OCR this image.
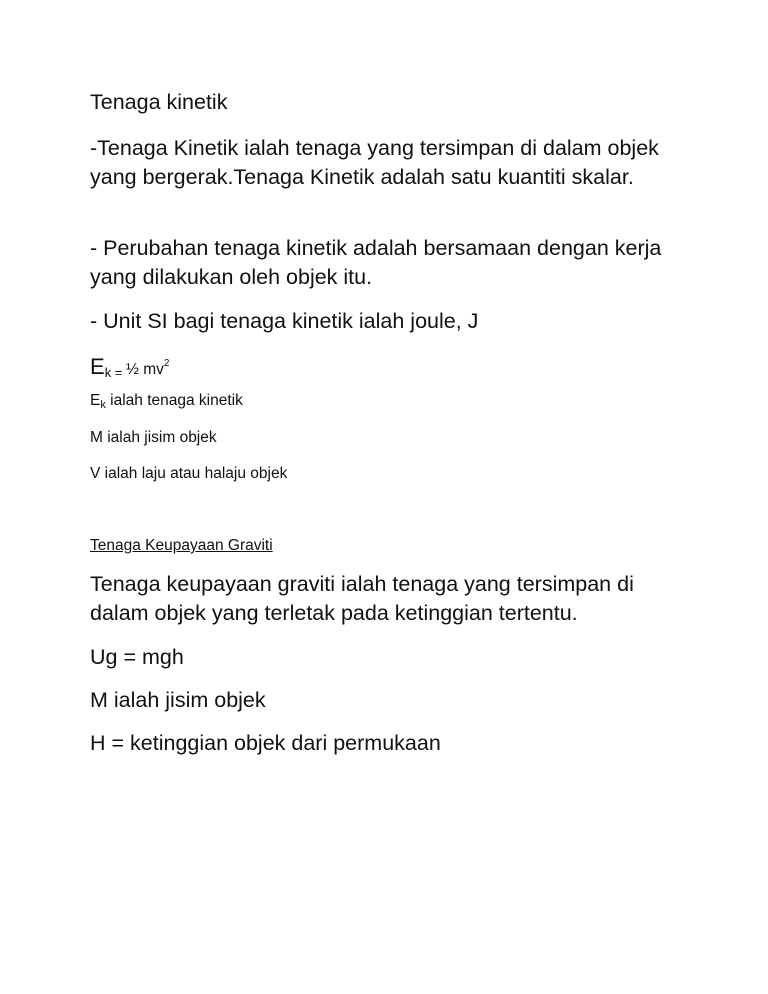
Tenaga kinetik

-Tenaga Kinetik ialah tenaga yang tersimpan di dalam objek yang bergerak.Tenaga Kinetik adalah satu kuantiti skalar.

- Perubahan tenaga kinetik adalah bersamaan dengan kerja yang dilakukan oleh objek itu.

- Unit SI bagi tenaga kinetik ialah joule, J

Ek = ½ $mv^2$

Ek ialah tenaga kinetik

M ialah jisim objek

V ialah laju atau halaju objek

Tenaga Keupayaan Graviti

Tenaga keupayaan graviti ialah tenaga yang tersimpan di dalam objek yang terletak pada ketinggian tertentu.

Ug = mgh

M ialah jisim objek

H = ketinggian objek dari permukaan
